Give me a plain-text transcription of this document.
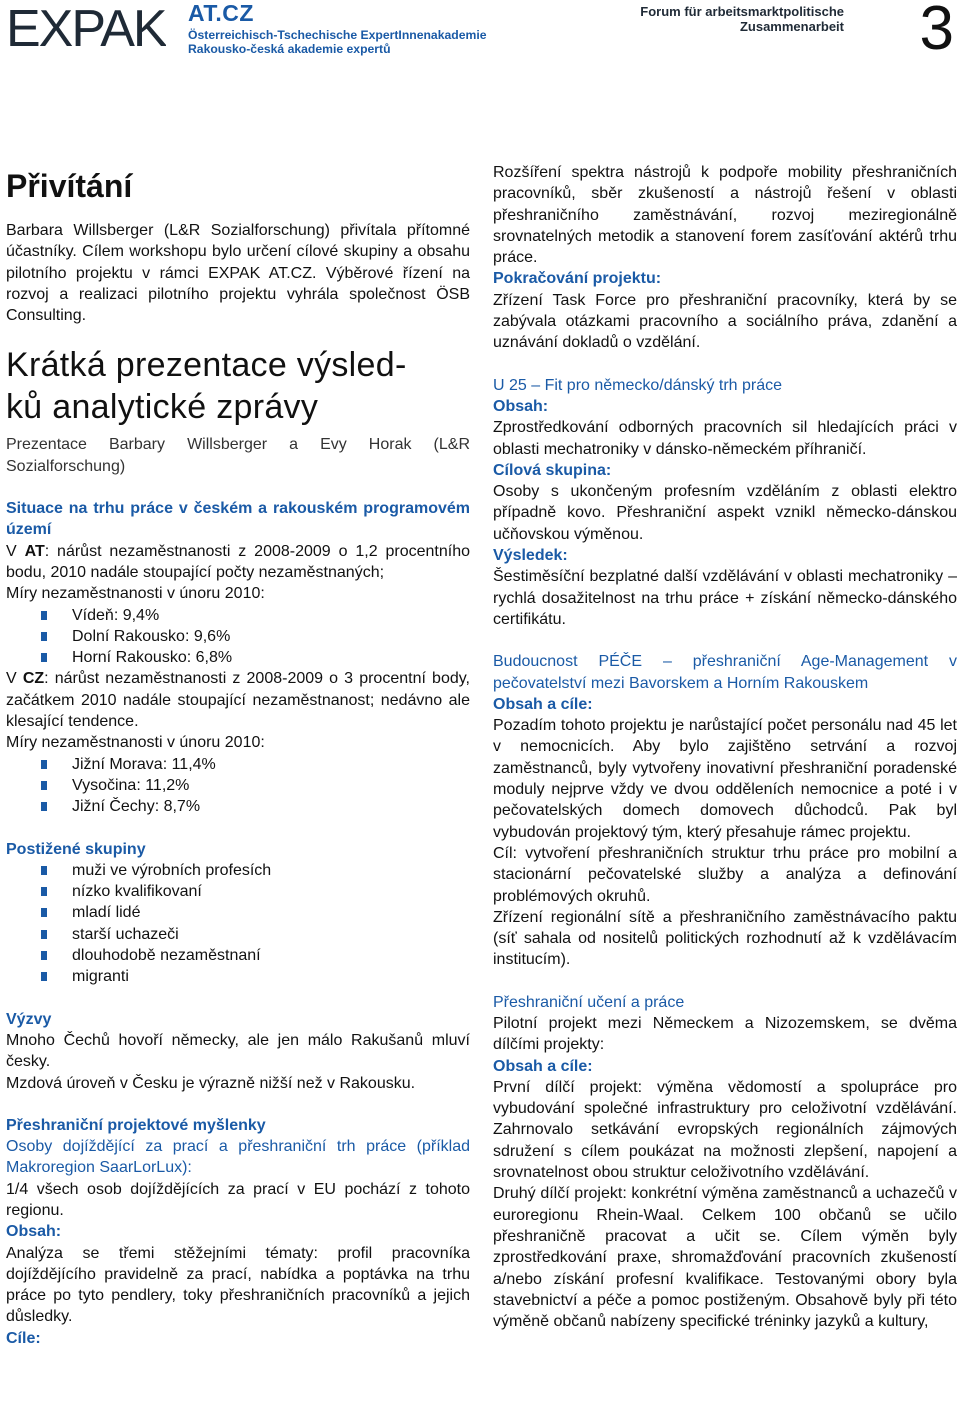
EXPAK AT.CZ
Österreichisch-Tschechische ExpertInnenakademie
Rakousko-česká akademie expertů
Forum für arbeitsmarktpolitische Zusammenarbeit 3
Přivítání

Barbara Willsberger (L&R Sozialforschung) přivítala přítomné účastníky. Cílem workshopu bylo určení cílové skupiny a obsahu pilotního projektu v rámci EXPAK AT.CZ. Výběrové řízení na rozvoj a realizaci pilotního projektu vyhrála společnost ÖSB Consulting.

Krátká prezentace výsled-
ků analytické zprávy

Prezentace Barbary Willsberger a Evy Horak (L&R Sozialforschung)

Situace na trhu práce v českém a rakouském programovém území

V AT: nárůst nezaměstnanosti z 2008-2009 o 1,2 procentního bodu, 2010 nadále stoupající počty nezaměstnaných;

Míry nezaměstnanosti v únoru 2010:

Vídeň: 9,4%
Dolní Rakousko: 9,6%
Horní Rakousko: 6,8%

V CZ: nárůst nezaměstnanosti z 2008-2009 o 3 procentní body, začátkem 2010 nadále stoupající nezaměstnanost; nedávno ale klesající tendence.

Míry nezaměstnanosti v únoru 2010:

Jižní Morava: 11,4%
Vysočina: 11,2%
Jižní Čechy: 8,7%

Postižené skupiny

muži ve výrobních profesích
nízko kvalifikovaní
mladí lidé
starší uchazeči
dlouhodobě nezaměstnaní
migranti

Výzvy

Mnoho Čechů hovoří německy, ale jen málo Rakušanů mluví česky.

Mzdová úroveň v Česku je výrazně nižší než v Rakousku.

Přeshraniční projektové myšlenky

Osoby dojíždějící za prací a přeshraniční trh práce (příklad Makroregion SaarLorLux):

1/4 všech osob dojíždějících za prací v EU pochází z tohoto regionu.

Obsah:

Analýza se třemi stěžejními tématy: profil pracovníka dojíždějícího pravidelně za prací, nabídka a poptávka na trhu práce po tyto pendlery, toky přeshraničních pracovníků a jejich důsledky.

Cíle:

Rozšíření spektra nástrojů k podpoře mobility přeshraničních pracovníků, sběr zkušeností a nástrojů řešení v oblasti přeshraničního zaměstnávání, rozvoj meziregionálně srovnatelných metodik a stanovení forem zasíťování aktérů trhu práce.

Pokračování projektu:

Zřízení Task Force pro přeshraniční pracovníky, která by se zabývala otázkami pracovního a sociálního práva, zdanění a uznávání dokladů o vzdělání.

U 25 – Fit pro německo/dánský trh práce

Obsah:

Zprostředkování odborných pracovních sil hledajících práci v oblasti mechatroniky v dánsko-německém příhraničí.

Cílová skupina:

Osoby s ukončeným profesním vzděláním z oblasti elektro případně kovo. Přeshraniční aspekt vznikl německo-dánskou učňovskou výměnou.

Výsledek:

Šestiměsíční bezplatné další vzdělávání v oblasti mechatroniky – rychlá dosažitelnost na trhu práce + získání německo-dánského certifikátu.

Budoucnost PÉČE – přeshraniční Age-Management v pečovatelství mezi Bavorskem a Horním Rakouskem

Obsah a cíle:

Pozadím tohoto projektu je narůstající počet personálu nad 45 let v nemocnicích. Aby bylo zajištěno setrvání a rozvoj zaměstnanců, byly vytvořeny inovativní přeshraniční poradenské moduly nejprve vždy ve dvou odděleních nemocnice a poté i v pečovatelských domech domovech důchodců. Pak byl vybudován projektový tým, který přesahuje rámec projektu.

Cíl: vytvoření přeshraničních struktur trhu práce pro mobilní a stacionární pečovatelské služby a analýza a definování problémových okruhů.

Zřízení regionální sítě a přeshraničního zaměstnávacího paktu (síť sahala od nositelů politických rozhodnutí až k vzdělávacím institucím).

Přeshraniční učení a práce

Pilotní projekt mezi Německem a Nizozemskem, se dvěma dílčími projekty:

Obsah a cíle:

První dílčí projekt: výměna vědomostí a spolupráce pro vybudování společné infrastruktury pro celoživotní vzdělávání. Zahrnovalo setkávání evropských regionálních zájmových sdružení s cílem poukázat na možnosti zlepšení, napojení a srovnatelnost obou struktur celoživotního vzdělávání.

Druhý dílčí projekt: konkrétní výměna zaměstnanců a uchazečů v euroregionu Rhein-Waal. Celkem 100 občanů se učilo přeshraničně pracovat a učit se. Cílem výměn byly zprostředkování praxe, shromažďování pracovních zkušeností a/nebo získání profesní kvalifikace. Testovanými obory byla stavebnictví a péče a pomoc postiženým. Obsahově byly při této výměně občanů nabízeny specifické tréninky jazyků a kultury,
